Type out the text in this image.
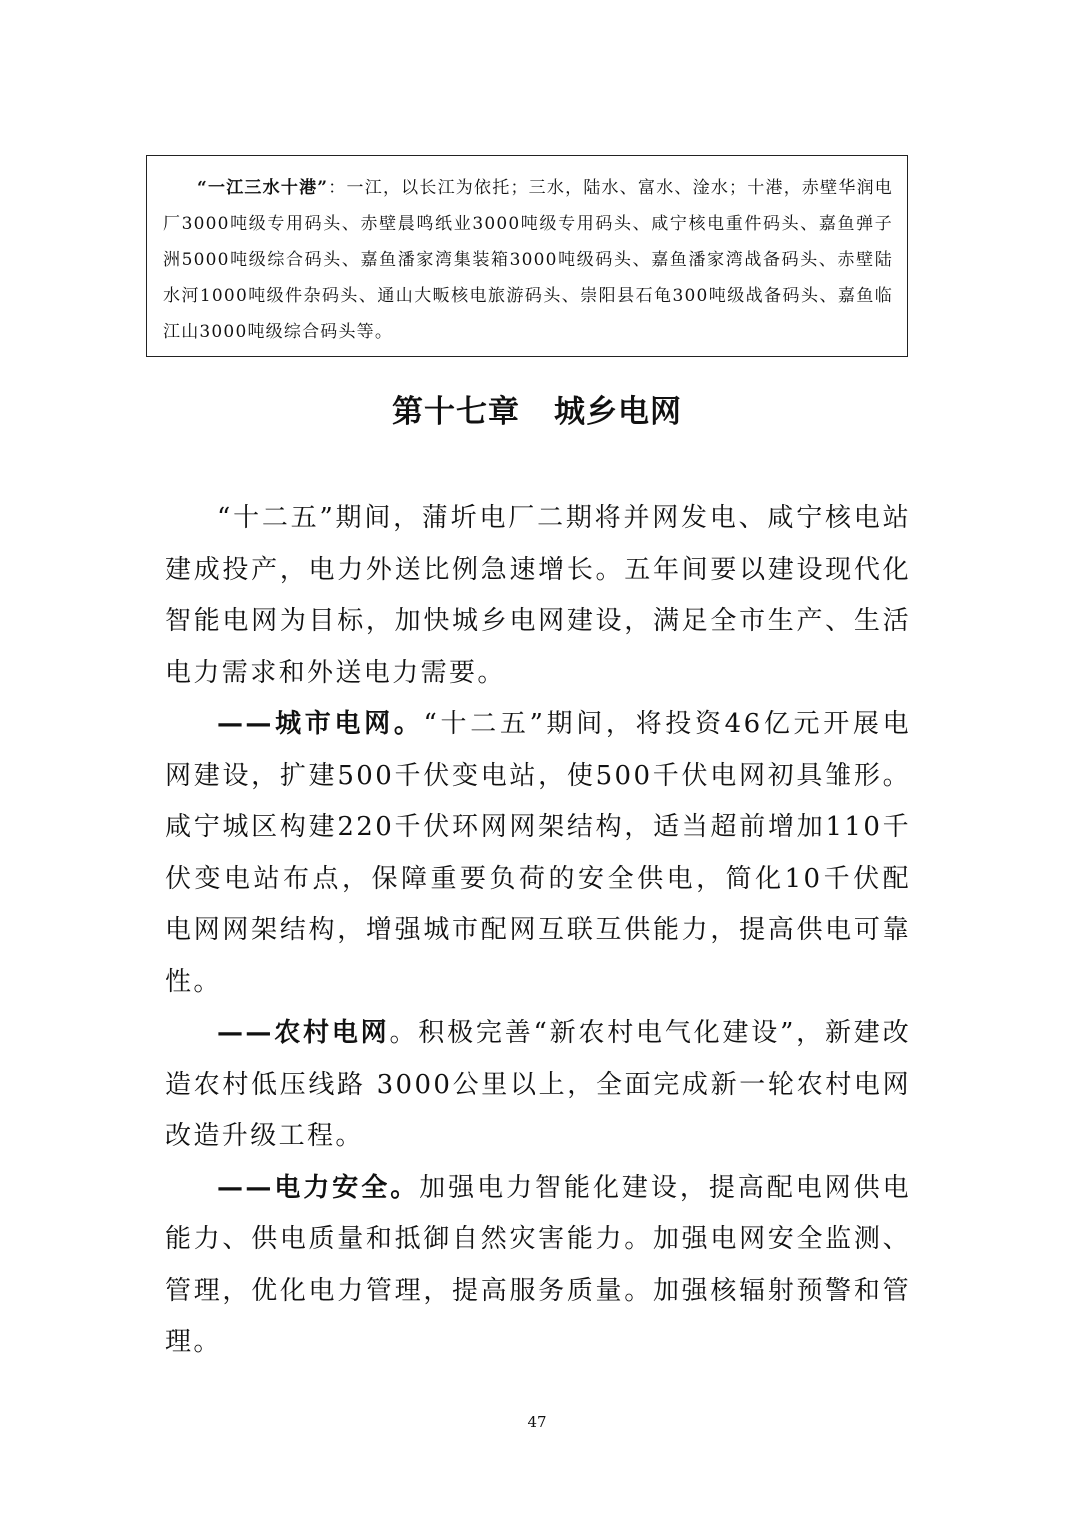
“一江三水十港”：一江，以长江为依托；三水，陆水、富水、淦水；十港，赤壁华润电厂3000吨级专用码头、赤壁晨鸣纸业3000吨级专用码头、咸宁核电重件码头、嘉鱼弹子洲5000吨级综合码头、嘉鱼潘家湾集装箱3000吨级码头、嘉鱼潘家湾战备码头、赤壁陆水河1000吨级件杂码头、通山大畈核电旅游码头、崇阳县石龟300吨级战备码头、嘉鱼临江山3000吨级综合码头等。
第十七章 城乡电网

“十二五”期间，蒲圻电厂二期将并网发电、咸宁核电站建成投产，电力外送比例急速增长。五年间要以建设现代化智能电网为目标，加快城乡电网建设，满足全市生产、生活电力需求和外送电力需要。

——城市电网。“十二五”期间，将投资46亿元开展电网建设，扩建500千伏变电站，使500千伏电网初具雏形。咸宁城区构建220千伏环网网架结构，适当超前增加110千伏变电站布点，保障重要负荷的安全供电，简化10千伏配电网网架结构，增强城市配网互联互供能力，提高供电可靠性。

——农村电网。积极完善“新农村电气化建设”，新建改造农村低压线路 3000公里以上，全面完成新一轮农村电网改造升级工程。

——电力安全。加强电力智能化建设，提高配电网供电能力、供电质量和抵御自然灾害能力。加强电网安全监测、管理，优化电力管理，提高服务质量。加强核辐射预警和管理。

47
